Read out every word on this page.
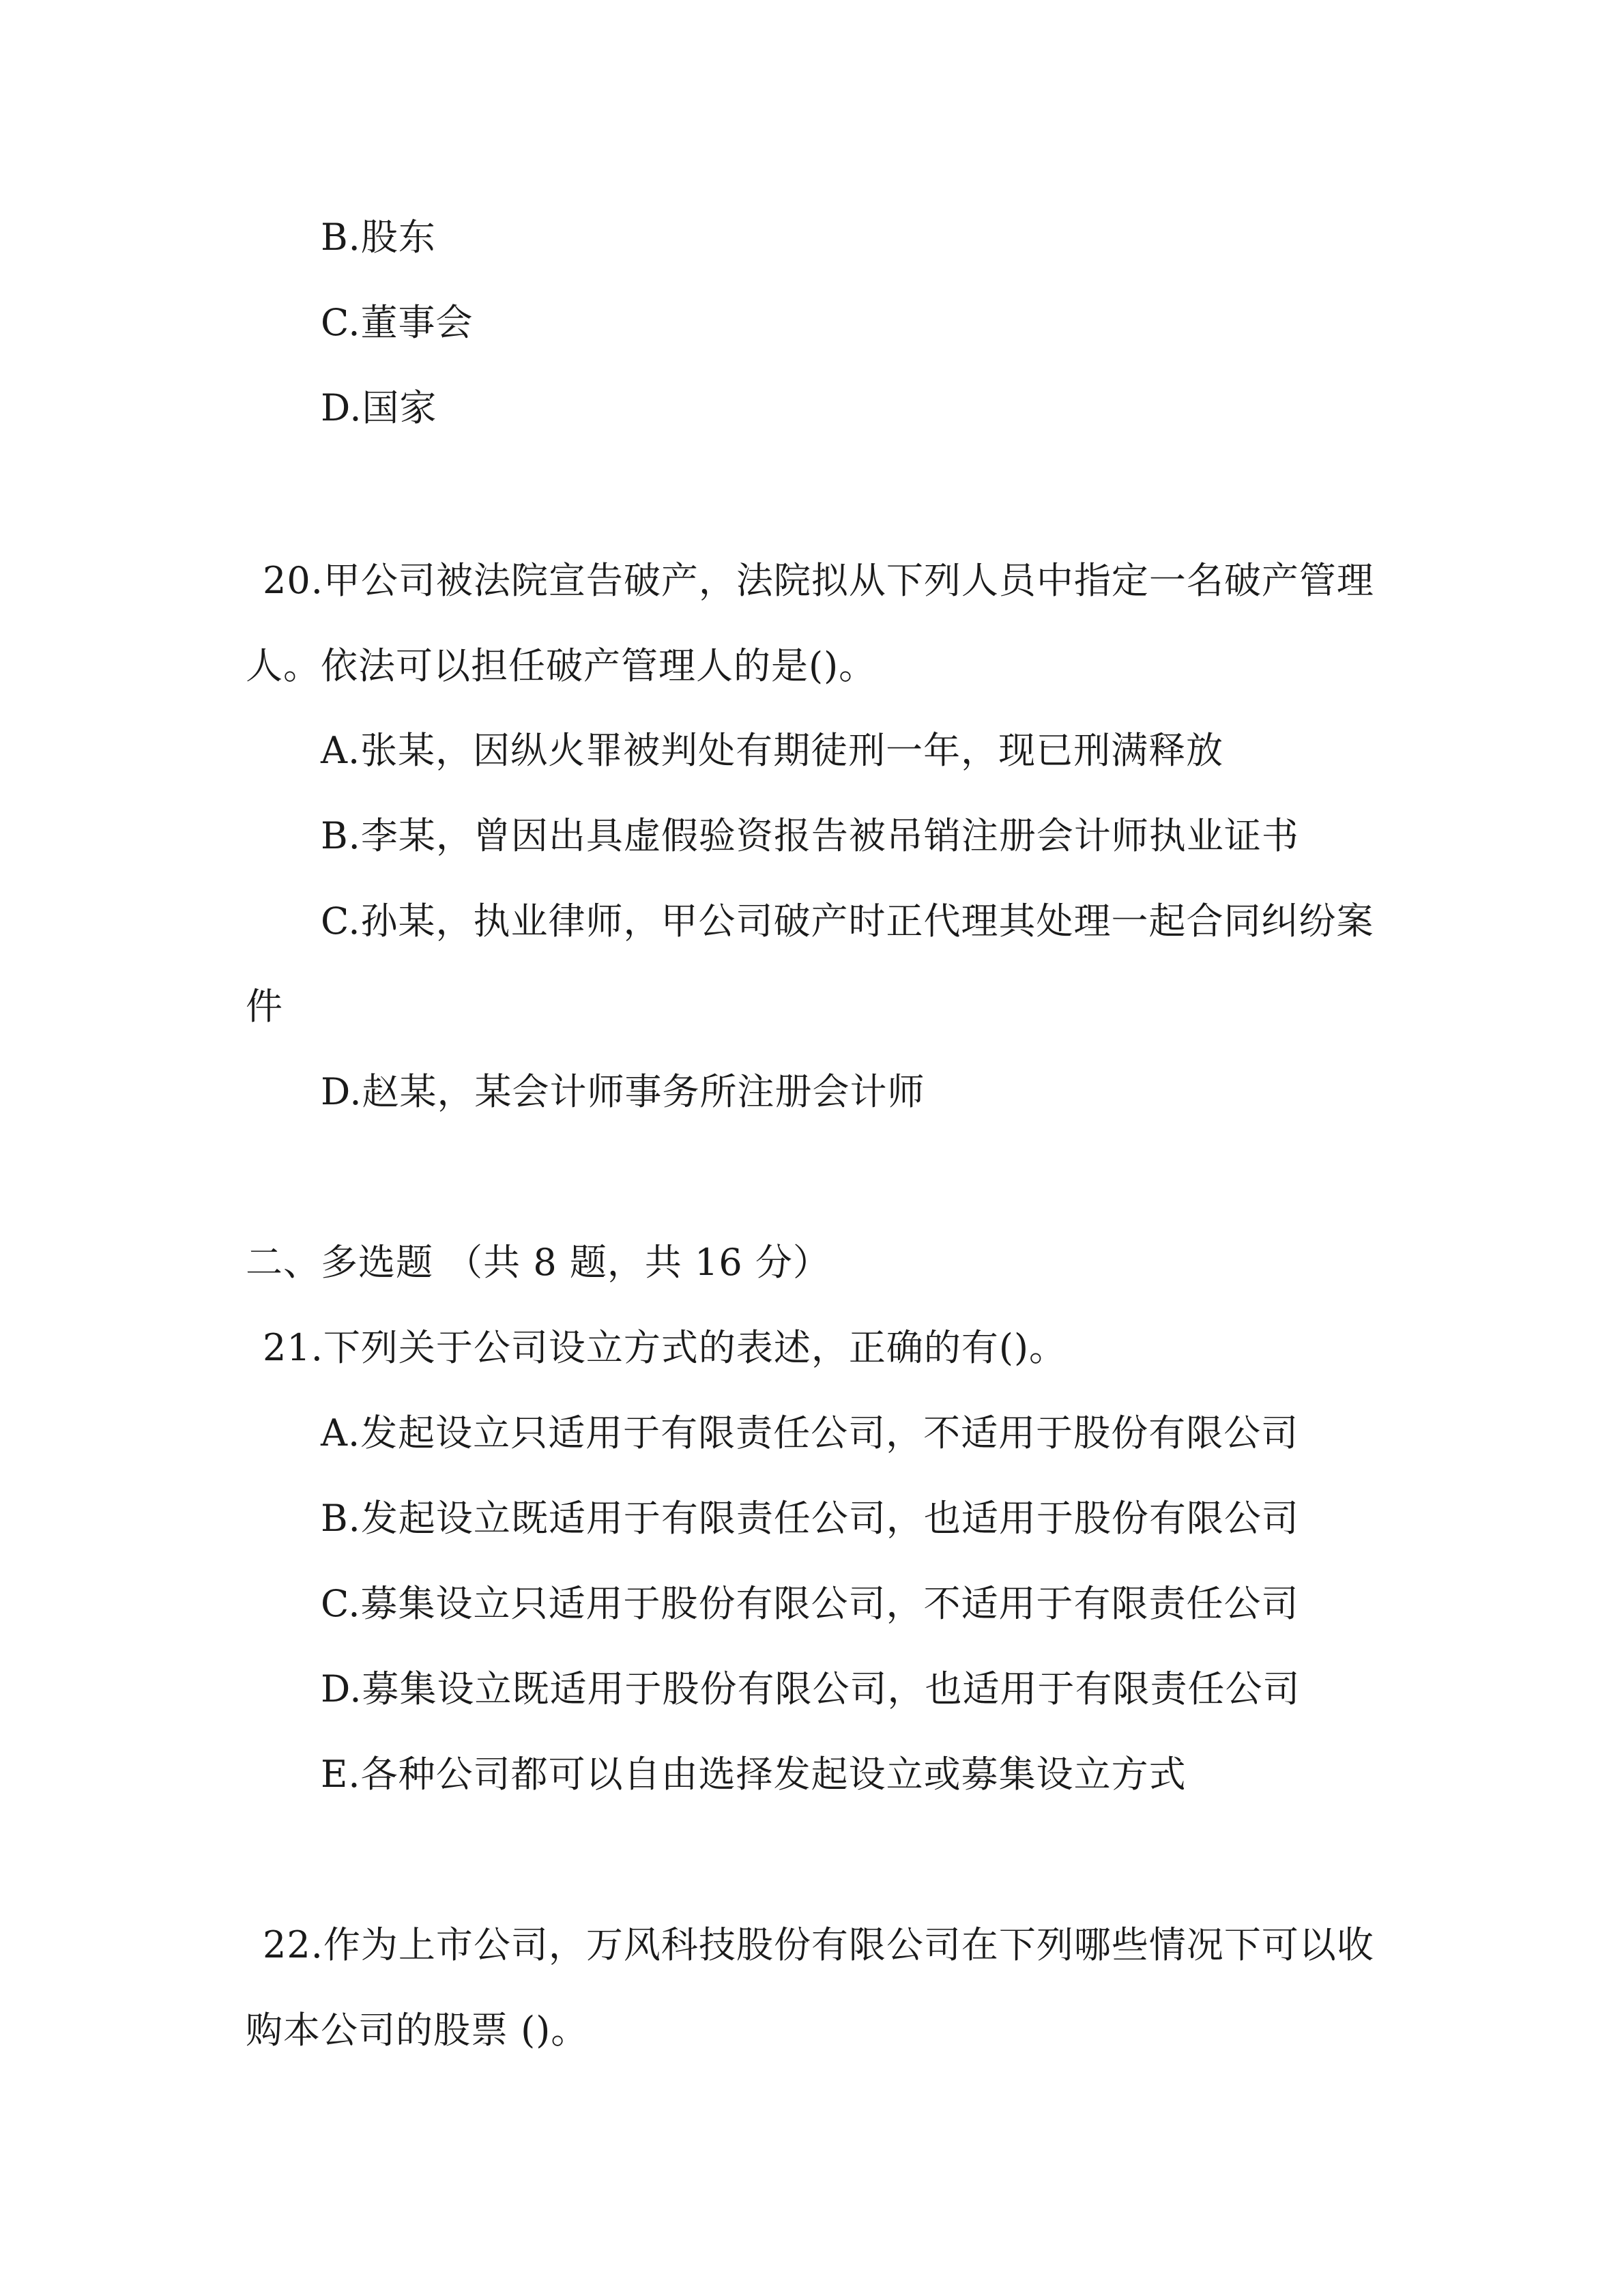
B.股东
C.董事会
D.国家
20.甲公司被法院宣告破产，法院拟从下列人员中指定一名破产管理
人。依法可以担任破产管理人的是()。
A.张某，因纵火罪被判处有期徒刑一年，现已刑满释放
B.李某，曾因出具虚假验资报告被吊销注册会计师执业证书
C.孙某，执业律师，甲公司破产时正代理其处理一起合同纠纷案
件
D.赵某，某会计师事务所注册会计师
二、多选题 （共 8 题，共 16 分）
21.下列关于公司设立方式的表述，正确的有()。
A.发起设立只适用于有限责任公司，不适用于股份有限公司
B.发起设立既适用于有限责任公司，也适用于股份有限公司
C.募集设立只适用于股份有限公司，不适用于有限责任公司
D.募集设立既适用于股份有限公司，也适用于有限责任公司
E.各种公司都可以自由选择发起设立或募集设立方式
22.作为上市公司，万风科技股份有限公司在下列哪些情况下可以收
购本公司的股票 ()。
